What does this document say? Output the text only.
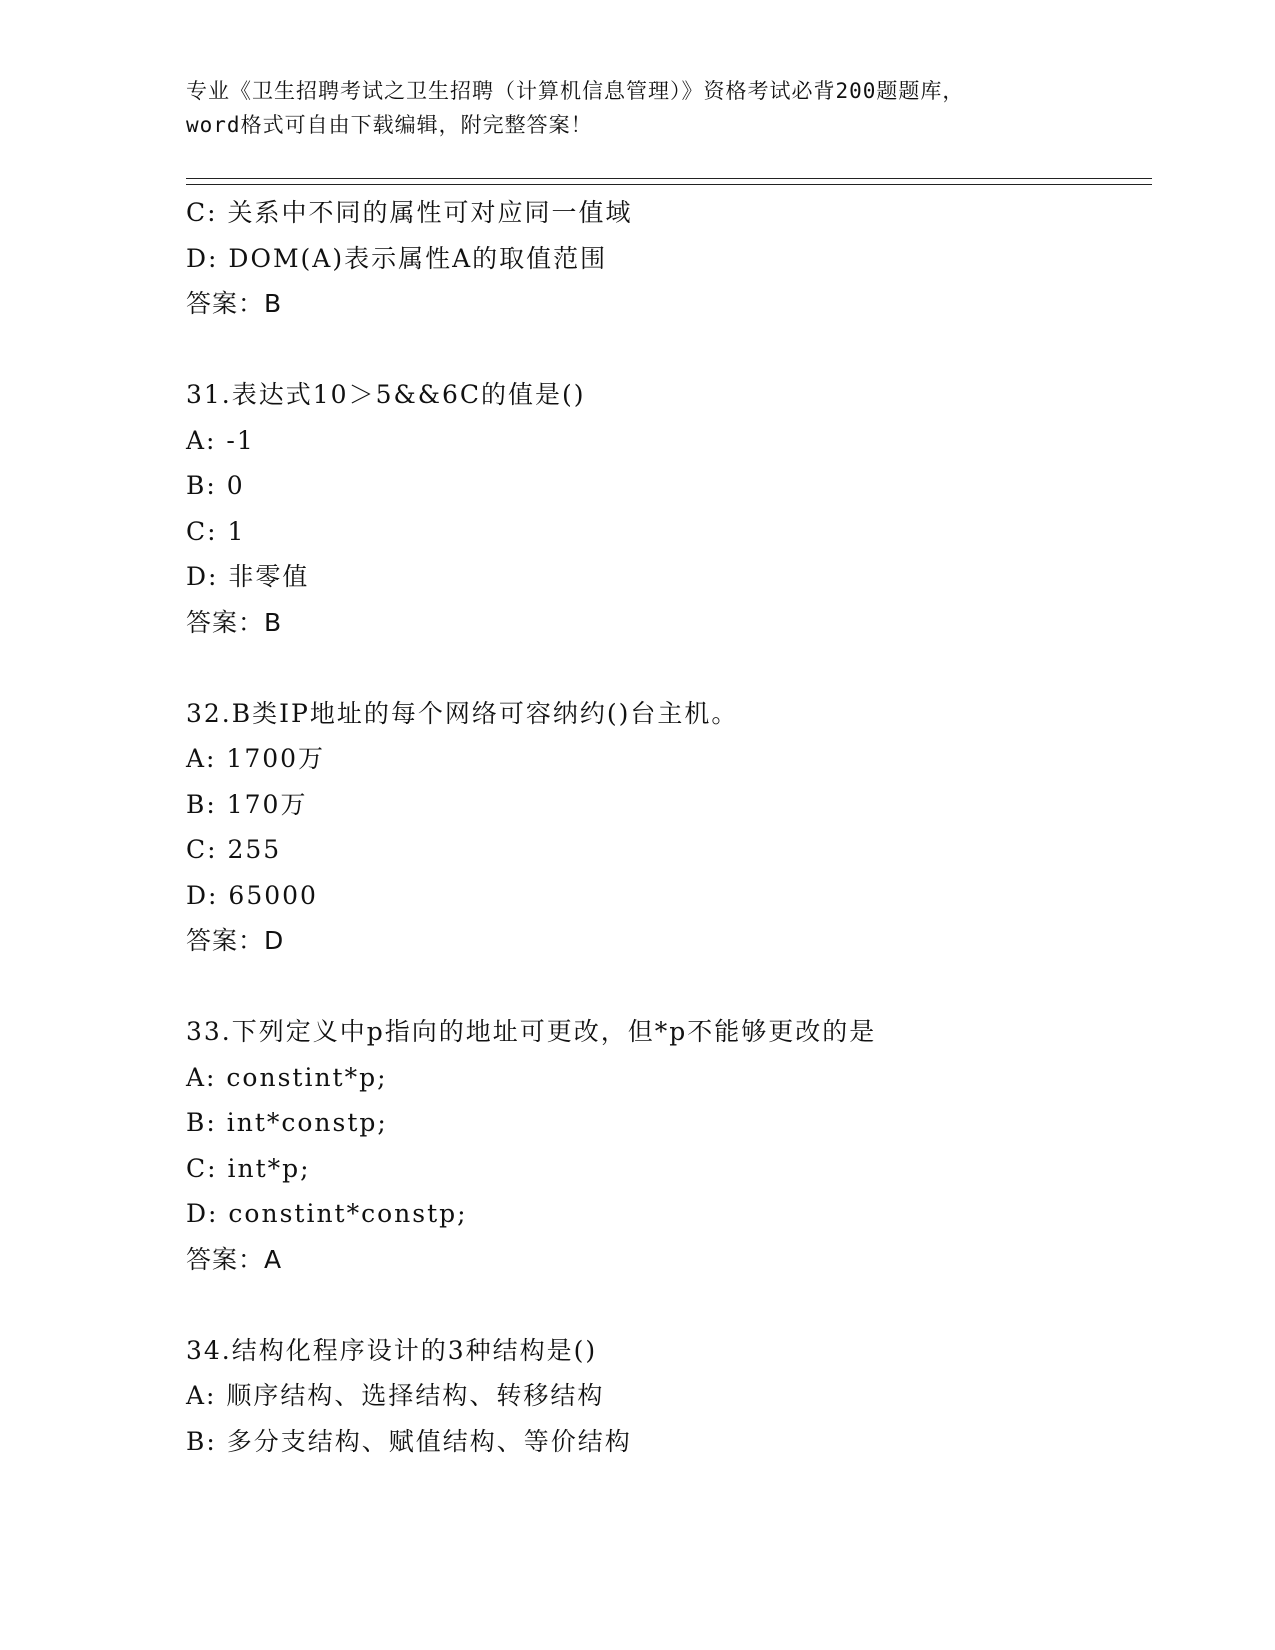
专业《卫生招聘考试之卫生招聘（计算机信息管理）》资格考试必背200题题库，
word格式可自由下载编辑，附完整答案！
C: 关系中不同的属性可对应同一值域
D: DOM(A)表示属性A的取值范围
答案：B
31.表达式10＞5&&6C的值是()
A: -1
B: 0
C: 1
D: 非零值
答案：B
32.B类IP地址的每个网络可容纳约()台主机。
A: 1700万
B: 170万
C: 255
D: 65000
答案：D
33.下列定义中p指向的地址可更改，但*p不能够更改的是
A: constint*p;
B: int*constp;
C: int*p;
D: constint*constp;
答案：A
34.结构化程序设计的3种结构是()
A: 顺序结构、选择结构、转移结构
B: 多分支结构、赋值结构、等价结构
